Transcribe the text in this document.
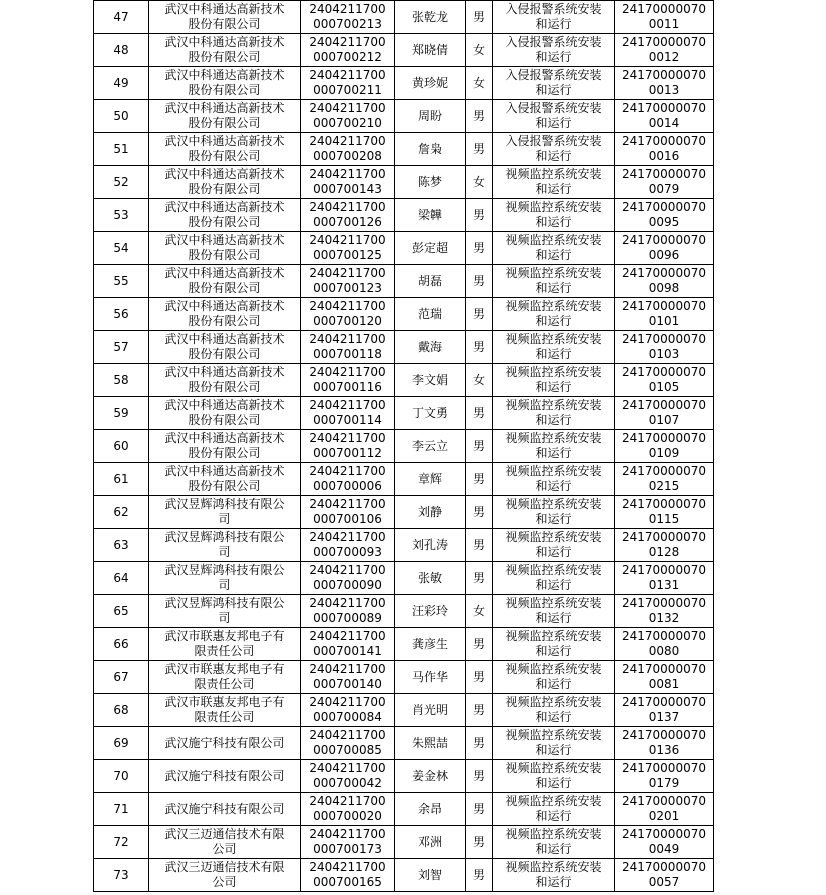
47	武汉中科通达高新技术
股份有限公司	2404211700
000700213	张乾龙	男	入侵报警系统安装
和运行	24170000070
0011

48	武汉中科通达高新技术
股份有限公司	2404211700
000700212	郑晓倩	女	入侵报警系统安装
和运行	24170000070
0012

49	武汉中科通达高新技术
股份有限公司	2404211700
000700211	黄珍妮	女	入侵报警系统安装
和运行	24170000070
0013

50	武汉中科通达高新技术
股份有限公司	2404211700
000700210	周盼	男	入侵报警系统安装
和运行	24170000070
0014

51	武汉中科通达高新技术
股份有限公司	2404211700
000700208	詹枭	男	入侵报警系统安装
和运行	24170000070
0016

52	武汉中科通达高新技术
股份有限公司	2404211700
000700143	陈梦	女	视频监控系统安装
和运行	24170000070
0079

53	武汉中科通达高新技术
股份有限公司	2404211700
000700126	梁韡	男	视频监控系统安装
和运行	24170000070
0095

54	武汉中科通达高新技术
股份有限公司	2404211700
000700125	彭定超	男	视频监控系统安装
和运行	24170000070
0096

55	武汉中科通达高新技术
股份有限公司	2404211700
000700123	胡磊	男	视频监控系统安装
和运行	24170000070
0098

56	武汉中科通达高新技术
股份有限公司	2404211700
000700120	范瑞	男	视频监控系统安装
和运行	24170000070
0101

57	武汉中科通达高新技术
股份有限公司	2404211700
000700118	戴海	男	视频监控系统安装
和运行	24170000070
0103

58	武汉中科通达高新技术
股份有限公司	2404211700
000700116	李文娟	女	视频监控系统安装
和运行	24170000070
0105

59	武汉中科通达高新技术
股份有限公司	2404211700
000700114	丁文勇	男	视频监控系统安装
和运行	24170000070
0107

60	武汉中科通达高新技术
股份有限公司	2404211700
000700112	李云立	男	视频监控系统安装
和运行	24170000070
0109

61	武汉中科通达高新技术
股份有限公司	2404211700
000700006	章辉	男	视频监控系统安装
和运行	24170000070
0215

62	武汉昱辉鸿科技有限公
司	2404211700
000700106	刘静	男	视频监控系统安装
和运行	24170000070
0115

63	武汉昱辉鸿科技有限公
司	2404211700
000700093	刘孔涛	男	视频监控系统安装
和运行	24170000070
0128

64	武汉昱辉鸿科技有限公
司	2404211700
000700090	张敏	男	视频监控系统安装
和运行	24170000070
0131

65	武汉昱辉鸿科技有限公
司	2404211700
000700089	汪彩玲	女	视频监控系统安装
和运行	24170000070
0132

66	武汉市联惠友邦电子有
限责任公司	2404211700
000700141	龚彦生	男	视频监控系统安装
和运行	24170000070
0080

67	武汉市联惠友邦电子有
限责任公司	2404211700
000700140	马作华	男	视频监控系统安装
和运行	24170000070
0081

68	武汉市联惠友邦电子有
限责任公司	2404211700
000700084	肖光明	男	视频监控系统安装
和运行	24170000070
0137

69	武汉施宁科技有限公司	2404211700
000700085	朱熙喆	男	视频监控系统安装
和运行	24170000070
0136

70	武汉施宁科技有限公司	2404211700
000700042	姜金林	男	视频监控系统安装
和运行	24170000070
0179

71	武汉施宁科技有限公司	2404211700
000700020	余昂	男	视频监控系统安装
和运行	24170000070
0201

72	武汉三迈通信技术有限
公司	2404211700
000700173	邓洲	男	视频监控系统安装
和运行	24170000070
0049

73	武汉三迈通信技术有限
公司	2404211700
000700165	刘智	男	视频监控系统安装
和运行	24170000070
0057
